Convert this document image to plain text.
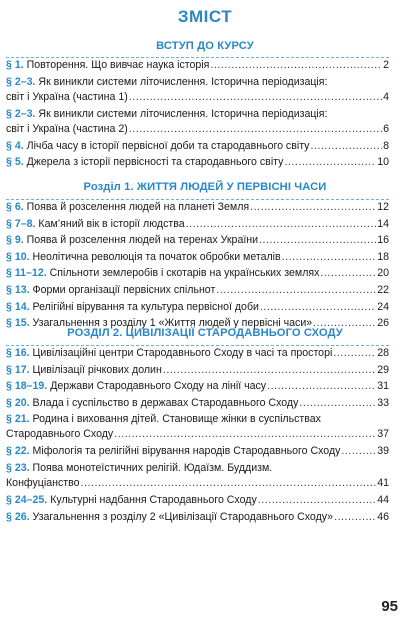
ЗМІСТ
ВСТУП ДО КУРСУ
§ 1. Повторення. Що вивчає наука історія . . .	2
§ 2–3. Як виникли системи літочислення. Історична періодизація:
світ і Україна (частина 1) . . .	4
§ 2–3. Як виникли системи літочислення. Історична періодизація:
світ і Україна (частина 2) . . .	6
§ 4. Лічба часу в історії первісної доби та стародавнього світу . . .	8
§ 5. Джерела з історії первісності та стародавнього світу . . .	10
Розділ 1. ЖИТТЯ ЛЮДЕЙ У ПЕРВІСНІ ЧАСИ
§ 6. Поява й розселення людей на планеті Земля . . .	12
§ 7–8. Кам’яний вік в історії людства . . .	14
§ 9. Поява й розселення людей на теренах України . . .	16
§ 10. Неолітична революція та початок обробки металів . . .	18
§ 11–12. Спільноти землеробів і скотарів на українських землях . . .	20
§ 13. Форми організації первісних спільнот . . .	22
§ 14. Релігійні вірування та культура первісної доби . . .	24
§ 15. Узагальнення з розділу 1 «Життя людей у первісні часи» . . .	26
РОЗДІЛ 2. ЦИВІЛІЗАЦІЇ СТАРОДАВНЬОГО СХОДУ
§ 16. Цивілізаційні центри Стародавнього Сходу в часі та просторі . . .	28
§ 17. Цивілізації річкових долин . . .	29
§ 18–19. Держави Стародавнього Сходу на лінії часу . . .	31
§ 20. Влада і суспільство в державах Стародавнього Сходу . . .	33
§ 21. Родина і виховання дітей. Становище жінки в суспільствах
Стародавнього Сходу . . .	37
§ 22. Міфологія та релігійні вірування народів Стародавнього Сходу . . .	39
§ 23. Поява монотеїстичних релігій. Юдаїзм. Буддизм.
Конфуціанство . . .	41
§ 24–25. Культурні надбання Стародавнього Сходу . . .	44
§ 26. Узагальнення з розділу 2 «Цивілізації Стародавнього Сходу» . . .	46
95
